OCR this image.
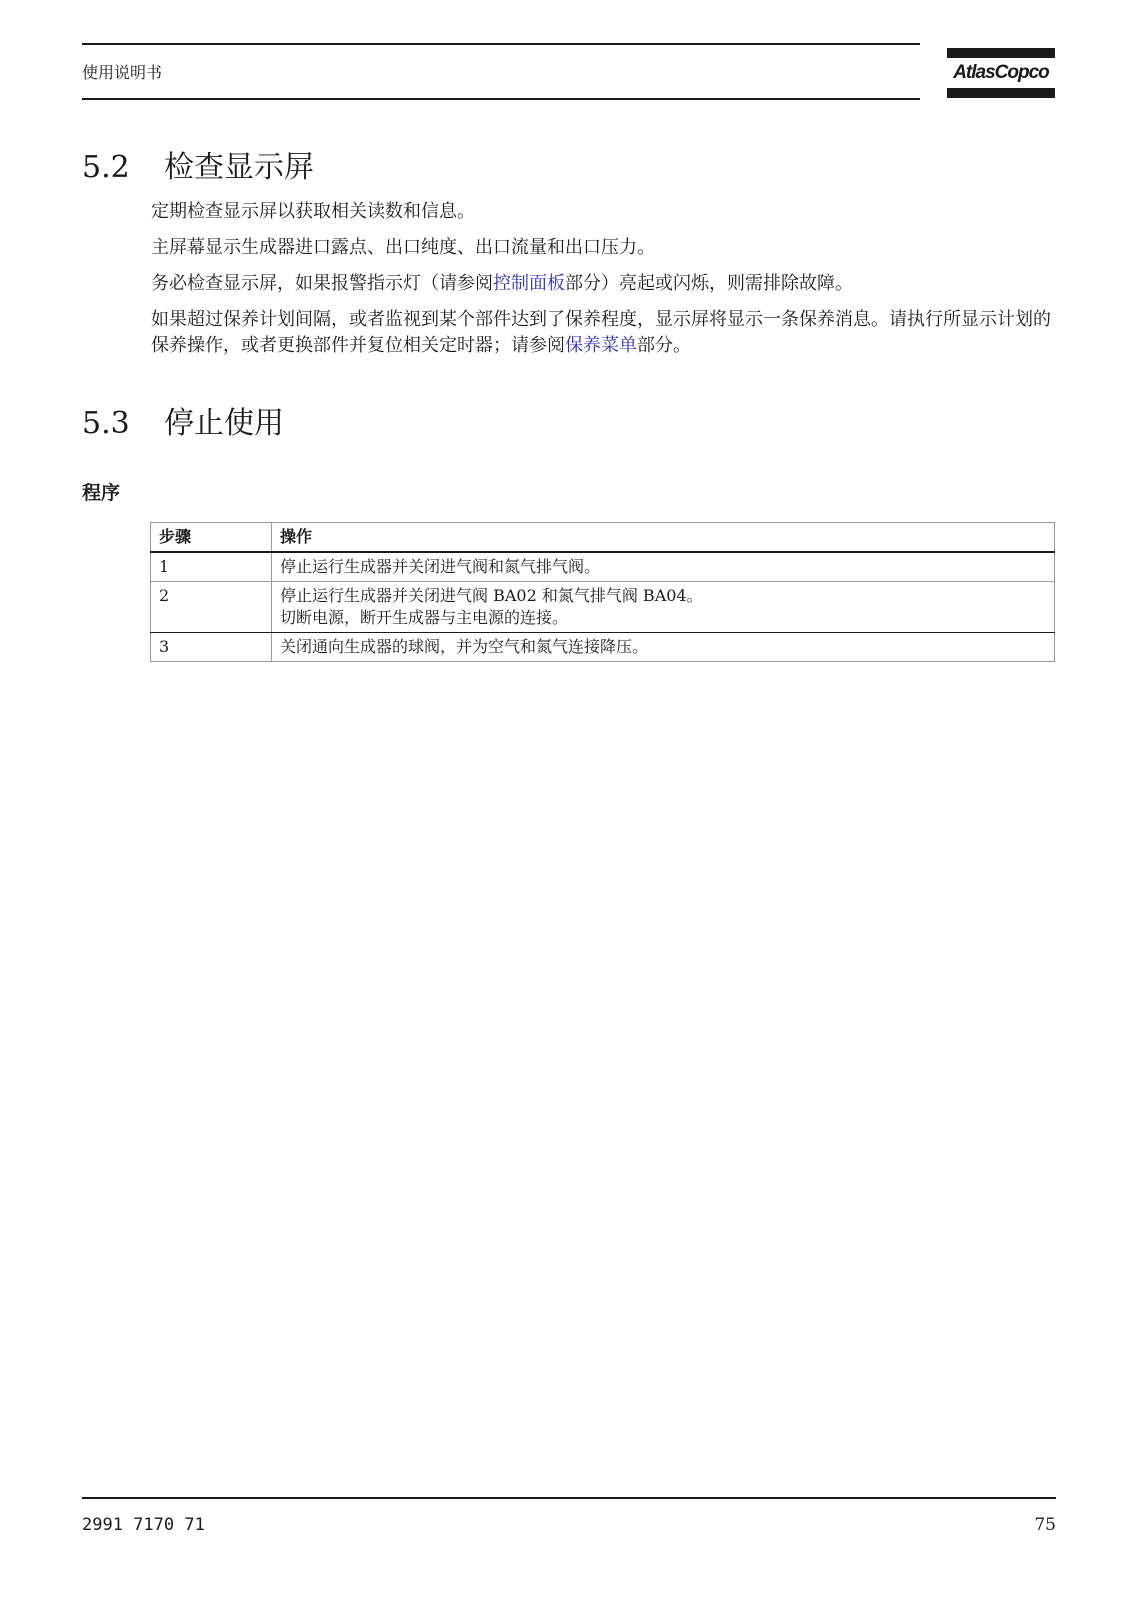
使用说明书	AtlasCopco
5.2 检查显示屏

定期检查显示屏以获取相关读数和信息。

主屏幕显示生成器进口露点、出口纯度、出口流量和出口压力。

务必检查显示屏，如果报警指示灯（请参阅控制面板部分）亮起或闪烁，则需排除故障。

如果超过保养计划间隔，或者监视到某个部件达到了保养程度，显示屏将显示一条保养消息。请执行所显示计划的保养操作，或者更换部件并复位相关定时器；请参阅保养菜单部分。

5.3 停止使用
程序
步骤	操作
1	停止运行生成器并关闭进气阀和氮气排气阀。

2	停止运行生成器并关闭进气阀 BA02 和氮气排气阀 BA04。
切断电源，断开生成器与主电源的连接。

3	关闭通向生成器的球阀，并为空气和氮气连接降压。
2991 7170 71	75
